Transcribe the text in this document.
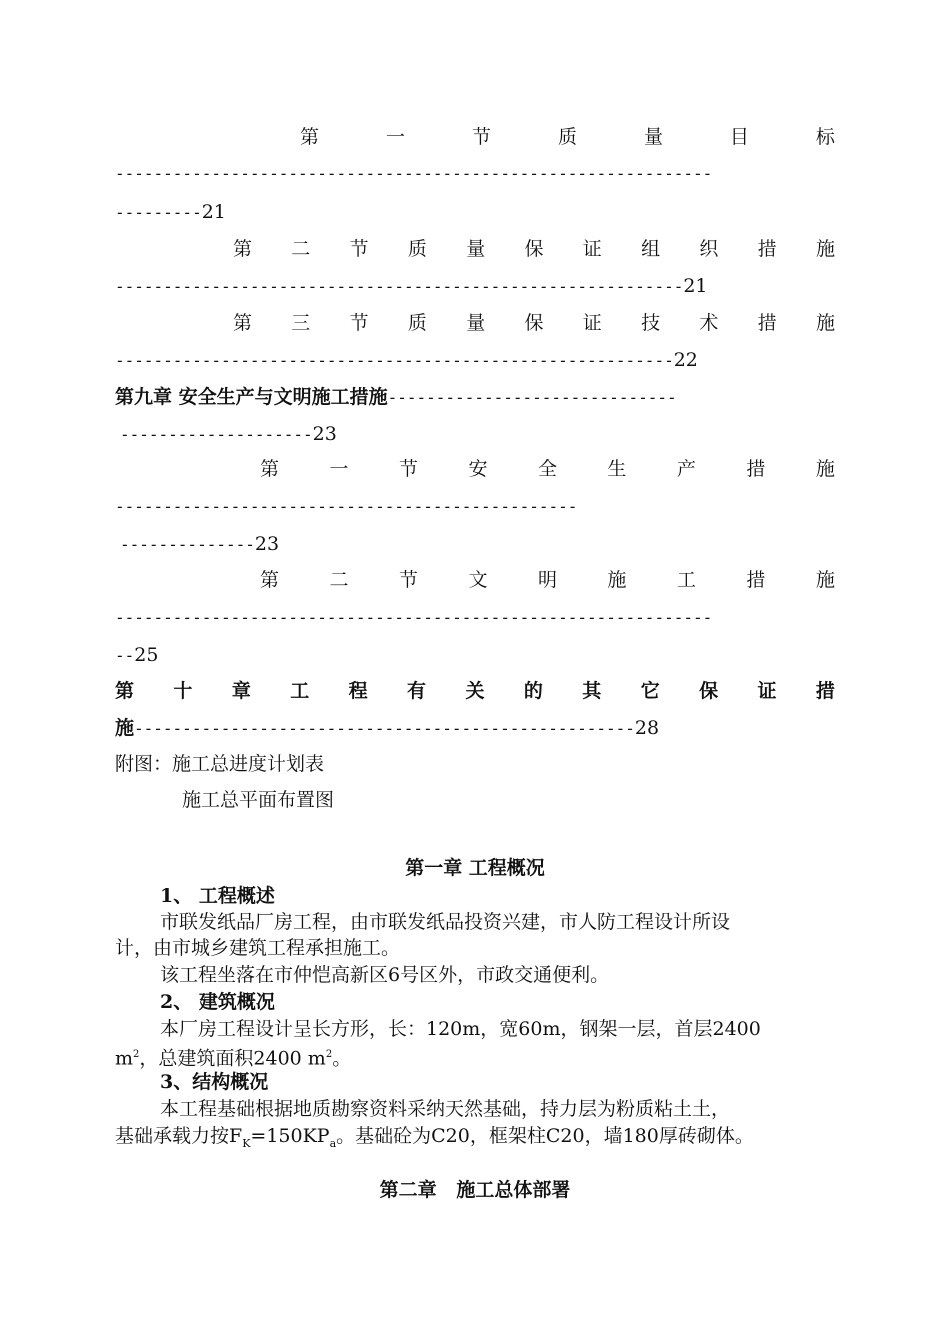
第	一	节	质	量	目	标
--------------------------------------------------------------
---------21
第 二 节 质 量 保 证 组 织 措 施
-----------------------------------------------------------21
第 三 节 质 量 保 证 技 术 措 施
----------------------------------------------------------22
第九章 安全生产与文明施工措施------------------------------
--------------------23
第	一	节	安	全	生	产	措	施
------------------------------------------------
--------------23
第	二	节	文	明	施	工	措	施
--------------------------------------------------------------
--25
第 十 章 工 程 有 关 的 其 它 保 证 措
施----------------------------------------------------28
附图：施工总进度计划表
施工总平面布置图
第一章 工程概况
1、 工程概述
市联发纸品厂房工程，由市联发纸品投资兴建，市人防工程设计所设
计，由市城乡建筑工程承担施工。
该工程坐落在市仲恺高新区6号区外，市政交通便利。
2、 建筑概况
本厂房工程设计呈长方形，长：120m，宽60m，钢架一层，首层2400
$m^2$，总建筑面积2400 $m^2$。
3、结构概况
本工程基础根据地质勘察资料采纳天然基础，持力层为粉质粘土土，
基础承载力按$F_K=150KP_a$。基础砼为C20，框架柱C20，墙180厚砖砌体。
第二章   施工总体部署
